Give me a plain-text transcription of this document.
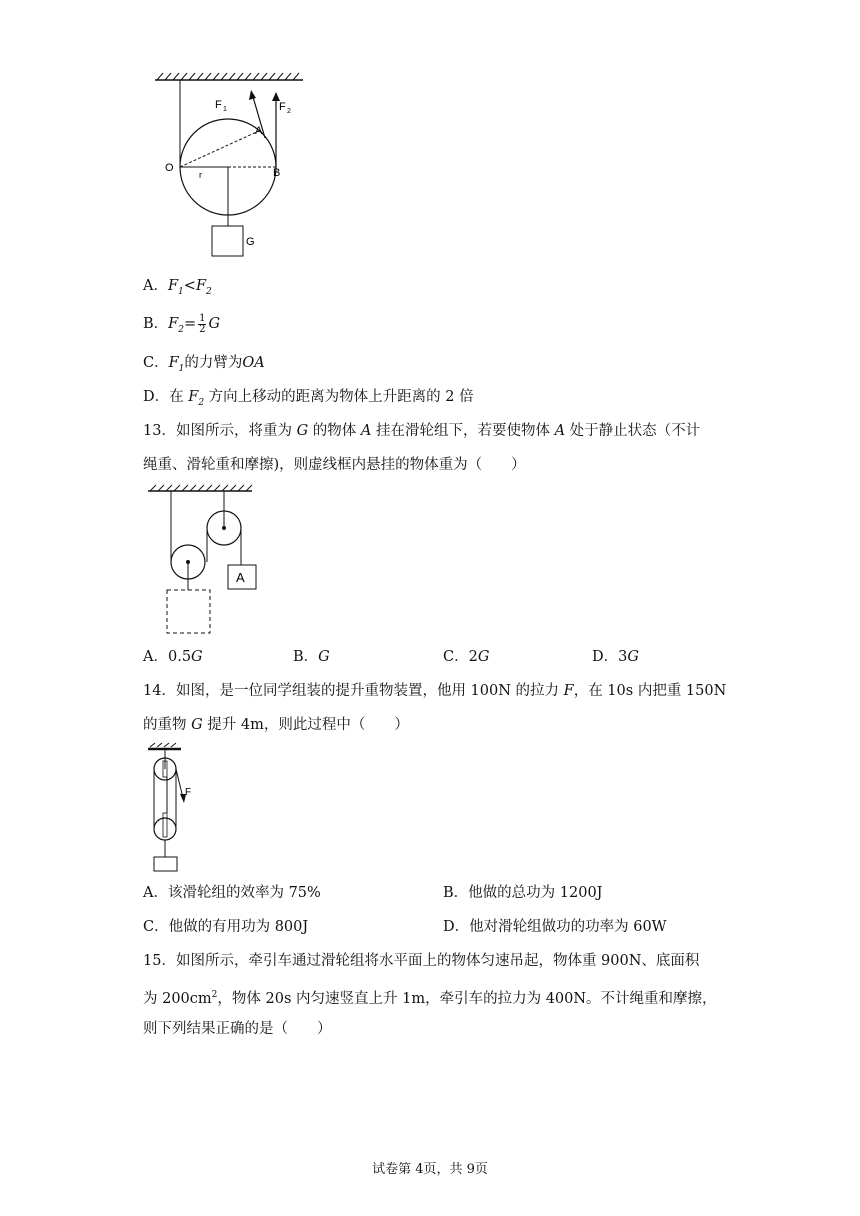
F 1	F 2
A
O	B
r
G
A．$F_1<F_2$
B．$F_2= \frac{1}{2}$ G
C．$F_1$的力臂为OA
D．在 $F_2$ 方向上移动的距离为物体上升距离的 2 倍
13．如图所示，将重为 G 的物体 A 挂在滑轮组下，若要使物体 A 处于静止状态（不计
绳重、滑轮重和摩擦)，则虚线框内悬挂的物体重为（　　）
A
A．0.5G	B．G	C．2G	D．3G
14．如图，是一位同学组装的提升重物装置，他用 100N 的拉力 F，在 10s 内把重 150N
的重物 G 提升 4m，则此过程中（　　）
F
A．该滑轮组的效率为 75%	B．他做的总功为 1200J
C．他做的有用功为 800J	D．他对滑轮组做功的功率为 60W
15．如图所示，牵引车通过滑轮组将水平面上的物体匀速吊起，物体重 900N、底面积
为 $200cm^2$，物体 20s 内匀速竖直上升 1m，牵引车的拉力为 400N。不计绳重和摩擦，
则下列结果正确的是（　　）
试卷第 4页，共 9页
